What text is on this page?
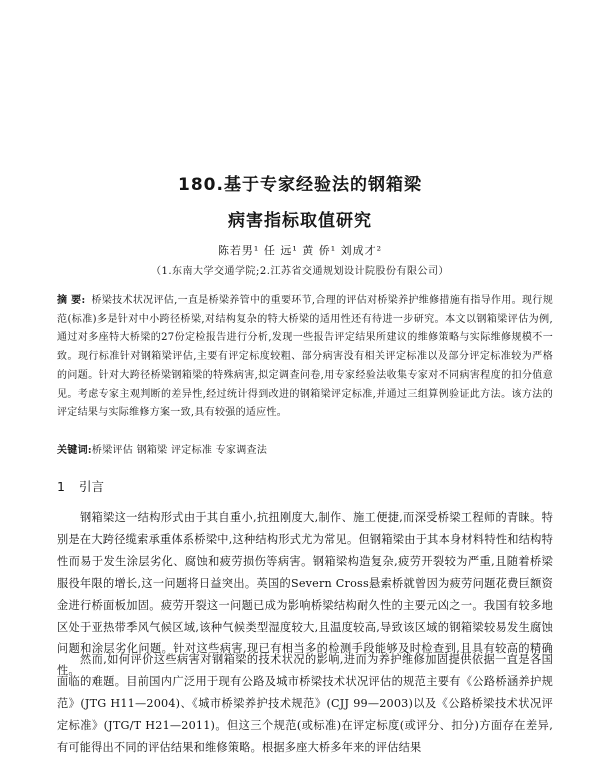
180.基于专家经验法的钢箱梁
病害指标取值研究
陈若男¹ 任 远¹ 黄 侨¹ 刘成才²
（1.东南大学交通学院;2.江苏省交通规划设计院股份有限公司）
摘 要: 桥梁技术状况评估,一直是桥梁养管中的重要环节,合理的评估对桥梁养护维修措施有指导作用。现行规范(标准)多是针对中小跨径桥梁,对结构复杂的特大桥梁的适用性还有待进一步研究。本文以钢箱梁评估为例,通过对多座特大桥梁的27份定检报告进行分析,发现一些报告评定结果所建议的维修策略与实际维修规模不一致。现行标准针对钢箱梁评估,主要有评定标度较粗、部分病害没有相关评定标准以及部分评定标准较为严格的问题。针对大跨径桥梁钢箱梁的特殊病害,拟定调查问卷,用专家经验法收集专家对不同病害程度的扣分值意见。考虑专家主观判断的差异性,经过统计得到改进的钢箱梁评定标准,并通过三组算例验证此方法。该方法的评定结果与实际维修方案一致,具有较强的适应性。
关键词:桥梁评估 钢箱梁 评定标准 专家调查法
1 引言

钢箱梁这一结构形式由于其自重小,抗扭刚度大,制作、施工便捷,而深受桥梁工程师的青睐。特别是在大跨径缆索承重体系桥梁中,这种结构形式尤为常见。但钢箱梁由于其本身材料特性和结构特性而易于发生涂层劣化、腐蚀和疲劳损伤等病害。钢箱梁构造复杂,疲劳开裂较为严重,且随着桥梁服役年限的增长,这一问题将日益突出。英国的Severn Cross悬索桥就曾因为疲劳问题花费巨额资金进行桥面板加固。疲劳开裂这一问题已成为影响桥梁结构耐久性的主要元凶之一。我国有较多地区处于亚热带季风气候区域,该种气候类型湿度较大,且温度较高,导致该区域的钢箱梁较易发生腐蚀问题和涂层劣化问题。针对这些病害,现已有相当多的检测手段能够及时检查到,且具有较高的精确性。

然而,如何评价这些病害对钢箱梁的技术状况的影响,进而为养护维修加固提供依据一直是各国面临的难题。目前国内广泛用于现有公路及城市桥梁技术状况评估的规范主要有《公路桥涵养护规范》(JTG H11—2004)、《城市桥梁养护技术规范》(CJJ 99—2003)以及《公路桥梁技术状况评定标准》(JTG/T H21—2011)。但这三个规范(或标准)在评定标度(或评分、扣分)方面存在差异,有可能得出不同的评估结果和维修策略。根据多座大桥多年来的评估结果
